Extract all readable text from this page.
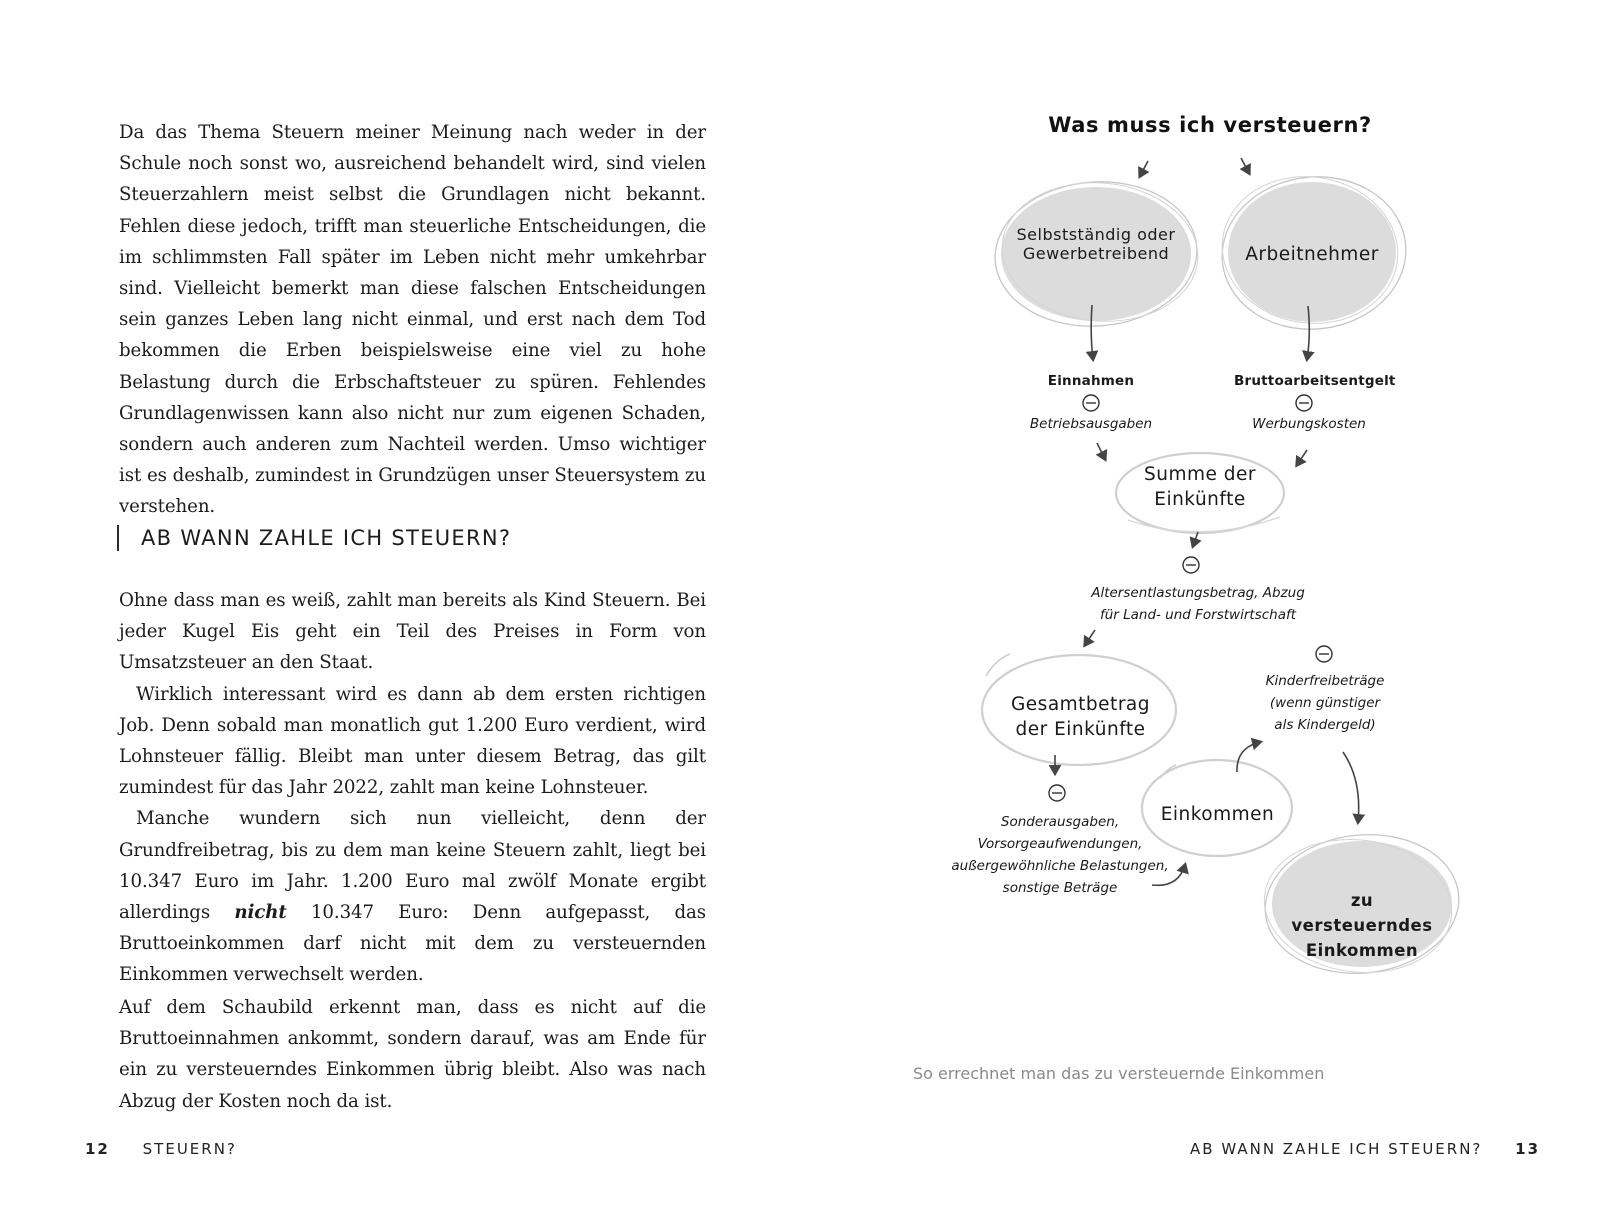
Da das Thema Steuern meiner Meinung nach weder in der Schule noch sonst wo, ausreichend behandelt wird, sind vielen Steuerzahlern meist selbst die Grundlagen nicht bekannt. Fehlen diese jedoch, trifft man steuerliche Entscheidungen, die im schlimmsten Fall später im Leben nicht mehr umkehrbar sind. Vielleicht bemerkt man diese falschen Entscheidungen sein ganzes Leben lang nicht einmal, und erst nach dem Tod bekommen die Erben beispielsweise eine viel zu hohe Belastung durch die Erbschaftsteuer zu spüren. Fehlendes Grundlagenwissen kann also nicht nur zum eigenen Schaden, sondern auch anderen zum Nachteil werden. Umso wichtiger ist es deshalb, zumindest in Grundzügen unser Steuersystem zu verstehen.

AB WANN ZAHLE ICH STEUERN?

Ohne dass man es weiß, zahlt man bereits als Kind Steuern. Bei jeder Kugel Eis geht ein Teil des Preises in Form von Umsatzsteuer an den Staat.

Wirklich interessant wird es dann ab dem ersten richtigen Job. Denn sobald man monatlich gut 1.200 Euro verdient, wird Lohnsteuer fällig. Bleibt man unter diesem Betrag, das gilt zumindest für das Jahr 2022, zahlt man keine Lohnsteuer.

Manche wundern sich nun vielleicht, denn der Grundfreibetrag, bis zu dem man keine Steuern zahlt, liegt bei 10.347 Euro im Jahr. 1.200 Euro mal zwölf Monate ergibt allerdings nicht 10.347 Euro: Denn aufgepasst, das Bruttoeinkommen darf nicht mit dem zu versteuernden Einkommen verwechselt werden.

Auf dem Schaubild erkennt man, dass es nicht auf die Bruttoeinnahmen ankommt, sondern darauf, was am Ende für ein zu versteuerndes Einkommen übrig bleibt. Also was nach Abzug der Kosten noch da ist.

12 STEUERN?
Was muss ich versteuern?
Selbstständig oder Gewerbetreibend	Arbeitnehmer
Einnahmen
Betriebsausgaben
Bruttoarbeitsentgelt
Werbungskosten
Summe der Einkünfte
Altersentlastungsbetrag, Abzug für Land- und Forstwirtschaft
Gesamtbetrag der Einkünfte
Sonderausgaben, Vorsorgeaufwendungen, außergewöhnliche Belastungen, sonstige Beträge
Einkommen
Kinderfreibeträge (wenn günstiger als Kindergeld)
zu versteuerndes Einkommen
So errechnet man das zu versteuernde Einkommen
AB WANN ZAHLE ICH STEUERN? 13
